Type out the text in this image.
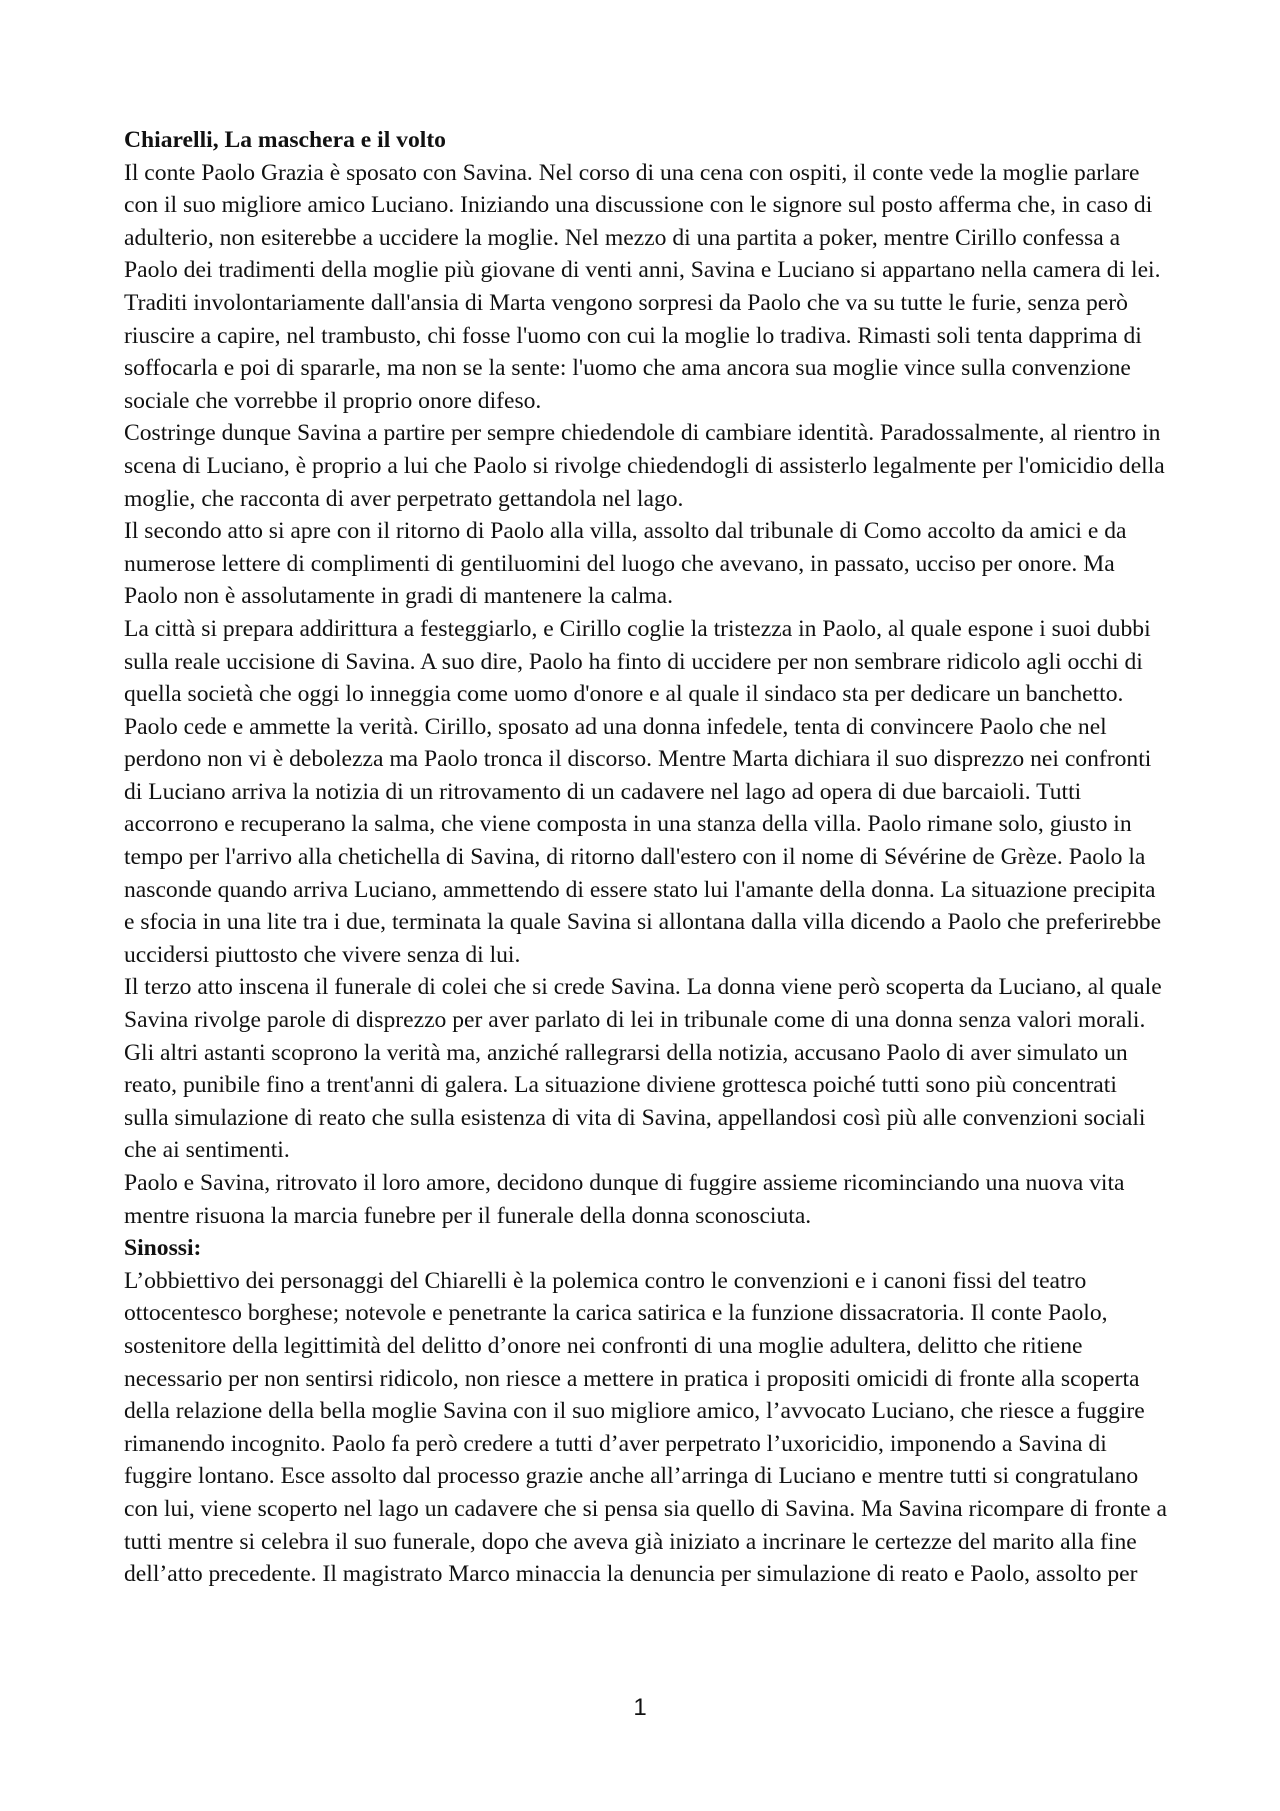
Chiarelli, La maschera e il volto

Il conte Paolo Grazia è sposato con Savina. Nel corso di una cena con ospiti, il conte vede la moglie parlare con il suo migliore amico Luciano. Iniziando una discussione con le signore sul posto afferma che, in caso di adulterio, non esiterebbe a uccidere la moglie. Nel mezzo di una partita a poker, mentre Cirillo confessa a Paolo dei tradimenti della moglie più giovane di venti anni, Savina e Luciano si appartano nella camera di lei. Traditi involontariamente dall'ansia di Marta vengono sorpresi da Paolo che va su tutte le furie, senza però riuscire a capire, nel trambusto, chi fosse l'uomo con cui la moglie lo tradiva. Rimasti soli tenta dapprima di soffocarla e poi di spararle, ma non se la sente: l'uomo che ama ancora sua moglie vince sulla convenzione sociale che vorrebbe il proprio onore difeso.

Costringe dunque Savina a partire per sempre chiedendole di cambiare identità. Paradossalmente, al rientro in scena di Luciano, è proprio a lui che Paolo si rivolge chiedendogli di assisterlo legalmente per l'omicidio della moglie, che racconta di aver perpetrato gettandola nel lago.

Il secondo atto si apre con il ritorno di Paolo alla villa, assolto dal tribunale di Como accolto da amici e da numerose lettere di complimenti di gentiluomini del luogo che avevano, in passato, ucciso per onore. Ma Paolo non è assolutamente in gradi di mantenere la calma.

La città si prepara addirittura a festeggiarlo, e Cirillo coglie la tristezza in Paolo, al quale espone i suoi dubbi sulla reale uccisione di Savina. A suo dire, Paolo ha finto di uccidere per non sembrare ridicolo agli occhi di quella società che oggi lo inneggia come uomo d'onore e al quale il sindaco sta per dedicare un banchetto. Paolo cede e ammette la verità. Cirillo, sposato ad una donna infedele, tenta di convincere Paolo che nel perdono non vi è debolezza ma Paolo tronca il discorso. Mentre Marta dichiara il suo disprezzo nei confronti di Luciano arriva la notizia di un ritrovamento di un cadavere nel lago ad opera di due barcaioli. Tutti accorrono e recuperano la salma, che viene composta in una stanza della villa. Paolo rimane solo, giusto in tempo per l'arrivo alla chetichella di Savina, di ritorno dall'estero con il nome di Sévérine de Grèze. Paolo la nasconde quando arriva Luciano, ammettendo di essere stato lui l'amante della donna. La situazione precipita e sfocia in una lite tra i due, terminata la quale Savina si allontana dalla villa dicendo a Paolo che preferirebbe uccidersi piuttosto che vivere senza di lui.

Il terzo atto inscena il funerale di colei che si crede Savina. La donna viene però scoperta da Luciano, al quale Savina rivolge parole di disprezzo per aver parlato di lei in tribunale come di una donna senza valori morali. Gli altri astanti scoprono la verità ma, anziché rallegrarsi della notizia, accusano Paolo di aver simulato un reato, punibile fino a trent'anni di galera. La situazione diviene grottesca poiché tutti sono più concentrati sulla simulazione di reato che sulla esistenza di vita di Savina, appellandosi così più alle convenzioni sociali che ai sentimenti.

Paolo e Savina, ritrovato il loro amore, decidono dunque di fuggire assieme ricominciando una nuova vita mentre risuona la marcia funebre per il funerale della donna sconosciuta.

Sinossi:

L’obbiettivo dei personaggi del Chiarelli è la polemica contro le convenzioni e i canoni fissi del teatro ottocentesco borghese; notevole e penetrante la carica satirica e la funzione dissacratoria. Il conte Paolo, sostenitore della legittimità del delitto d’onore nei confronti di una moglie adultera, delitto che ritiene necessario per non sentirsi ridicolo, non riesce a mettere in pratica i propositi omicidi di fronte alla scoperta della relazione della bella moglie Savina con il suo migliore amico, l’avvocato Luciano, che riesce a fuggire rimanendo incognito. Paolo fa però credere a tutti d’aver perpetrato l’uxoricidio, imponendo a Savina di fuggire lontano. Esce assolto dal processo grazie anche all’arringa di Luciano e mentre tutti si congratulano con lui, viene scoperto nel lago un cadavere che si pensa sia quello di Savina. Ma Savina ricompare di fronte a tutti mentre si celebra il suo funerale, dopo che aveva già iniziato a incrinare le certezze del marito alla fine dell’atto precedente. Il magistrato Marco minaccia la denuncia per simulazione di reato e Paolo, assolto per

1
